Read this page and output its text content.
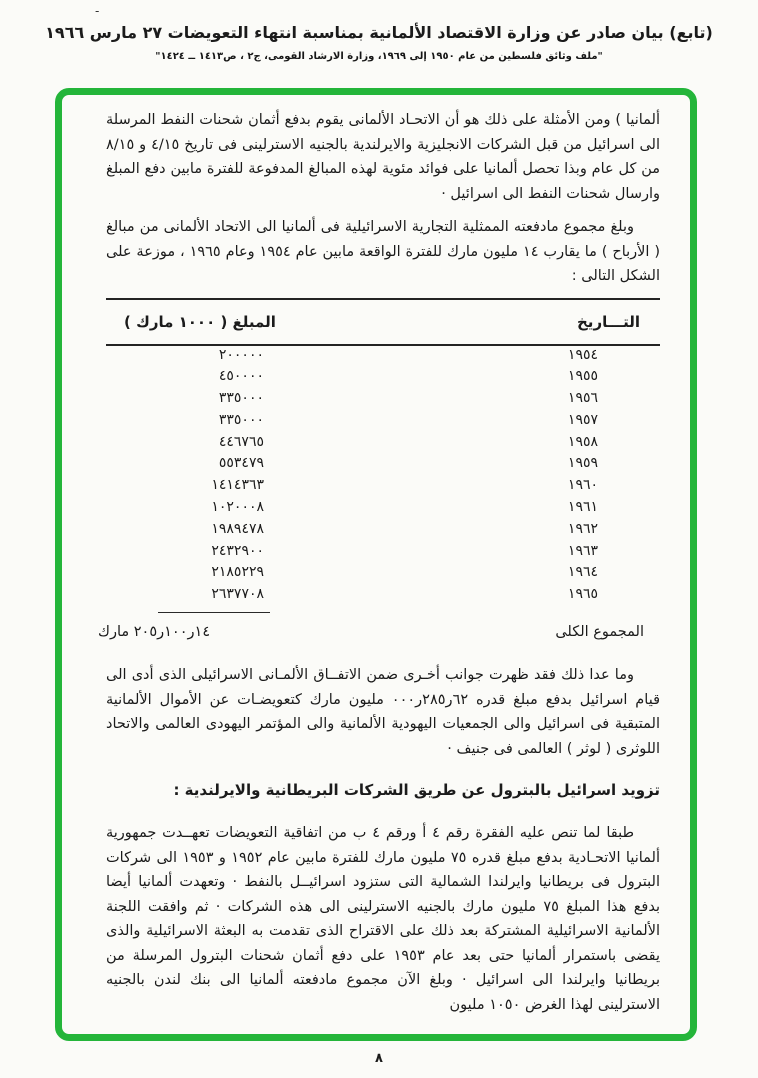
-
(تابع) بيان صادر عن وزارة الاقتصاد الألمانية بمناسبة انتهاء التعويضات ٢٧ مارس ١٩٦٦
"ملف وثائق فلسطين من عام ١٩٥٠ إلى ١٩٦٩، وزارة الارشاد القومى، ج٢ ، ص١٤١٣ ــ ١٤٢٤"

ألمانيا ) ومن الأمثلة على ذلك هو أن الاتحـاد الألمانى يقوم بدفع أثمان شحنات النفط المرسلة الى اسرائيل من قبل الشركات الانجليزية والايرلندية بالجنيه الاسترلينى فى تاريخ ٤/١٥ و ٨/١٥ من كل عام وبذا تحصل ألمانيا على فوائد مئوية لهذه المبالغ المدفوعة للفترة مابين دفع المبلغ وارسال شحنات النفط الى اسرائيل ·

وبلغ مجموع مادفعته الممثلية التجارية الاسرائيلية فى ألمانيا الى الاتحاد الألمانى من مبالغ ( الأرباح ) ما يقارب ١٤ مليون مارك للفترة الواقعة مابين عام ١٩٥٤ وعام ١٩٦٥ ، موزعة على الشكل التالى :

التـــاريخ
المبلغ ( ١٠٠٠ مارك )
١٩٥٤
٢٠٠٠٠٠
١٩٥٥
٤٥٠٠٠٠
١٩٥٦
٣٣٥٠٠٠
١٩٥٧
٣٣٥٠٠٠
١٩٥٨
٤٤٦٧٦٥
١٩٥٩
٥٥٣٤٧٩
١٩٦٠
١٤١٤٣٦٣
١٩٦١
١٠٢٠٠٠٨
١٩٦٢
١٩٨٩٤٧٨
١٩٦٣
٢٤٣٢٩٠٠
١٩٦٤
٢١٨٥٢٢٩
١٩٦٥
٢٦٣٧٧٠٨
المجموع الكلى
١٤ر١٠٠ر٢٠٥ مارك

وما عدا ذلك فقد ظهرت جوانب أخـرى ضمن الاتفــاق الألمـانى الاسرائيلى الذى أدى الى قيام اسرائيل بدفع مبلغ قدره ٦٢ر٢٨٥ر٠٠٠ مليون مارك كتعويضـات عن الأموال الألمانية المتبقية فى اسرائيل والى الجمعيات اليهودية الألمانية والى المؤتمر اليهودى العالمى والاتحاد اللوثرى ( لوثر ) العالمى فى جنيف ·

تزويد اسرائيل بالبترول عن طريق الشركات البريطانية والايرلندية :

طبقا لما تنص عليه الفقرة رقم ٤ أ ورقم ٤ ب من اتفاقية التعويضات تعهــدت جمهورية ألمانيا الاتحـادية بدفع مبلغ قدره ٧٥ مليون مارك للفترة مابين عام ١٩٥٢ و ١٩٥٣ الى شركات البترول فى بريطانيا وايرلندا الشمالية التى ستزود اسرائيــل بالنفط · وتعهدت ألمانيا أيضا بدفع هذا المبلغ ٧٥ مليون مارك بالجنيه الاسترلينى الى هذه الشركات · ثم وافقت اللجنة الألمانية الاسرائيلية المشتركة بعد ذلك على الاقتراح الذى تقدمت به البعثة الاسرائيلية والذى يقضى باستمرار ألمانيا حتى بعد عام ١٩٥٣ على دفع أثمان شحنات البترول المرسلة من بريطانيا وايرلندا الى اسرائيل · وبلغ الآن مجموع مادفعته ألمانيا الى بنك لندن بالجنيه الاسترلينى لهذا الغرض ١٠٥٠ مليون

٨
